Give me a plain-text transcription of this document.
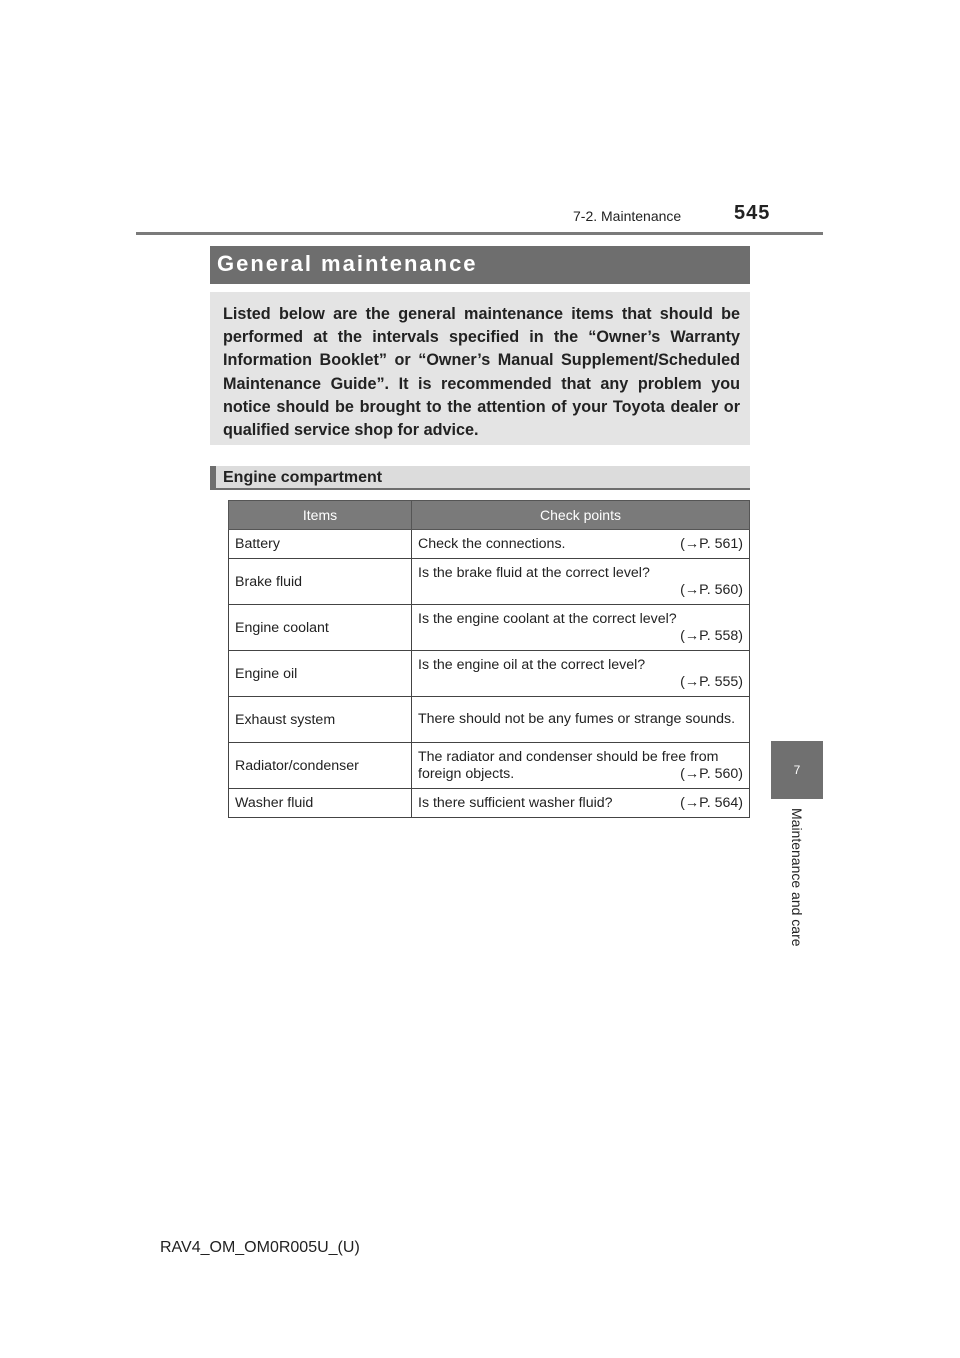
7-2. Maintenance	545
7
Maintenance and care
General maintenance

Listed below are the general maintenance items that should be performed at the intervals specified in the “Owner’s Warranty Information Booklet” or “Owner’s Manual Supplement/Scheduled Maintenance Guide”. It is recommended that any problem you notice should be brought to the attention of your Toyota dealer or qualified service shop for advice.

Engine compartment
Items	Check points
Battery	Check the connections. (→P. 561)

Brake fluid	Is the brake fluid at the correct level?
(→P. 560)

Engine coolant	Is the engine coolant at the correct level?
(→P. 558)

Engine oil	Is the engine oil at the correct level?
(→P. 555)

Exhaust system	There should not be any fumes or strange sounds.

Radiator/condenser	The radiator and condenser should be free from
foreign objects. (→P. 560)

Washer fluid	Is there sufficient washer fluid? (→P. 564)
RAV4_OM_OM0R005U_(U)
